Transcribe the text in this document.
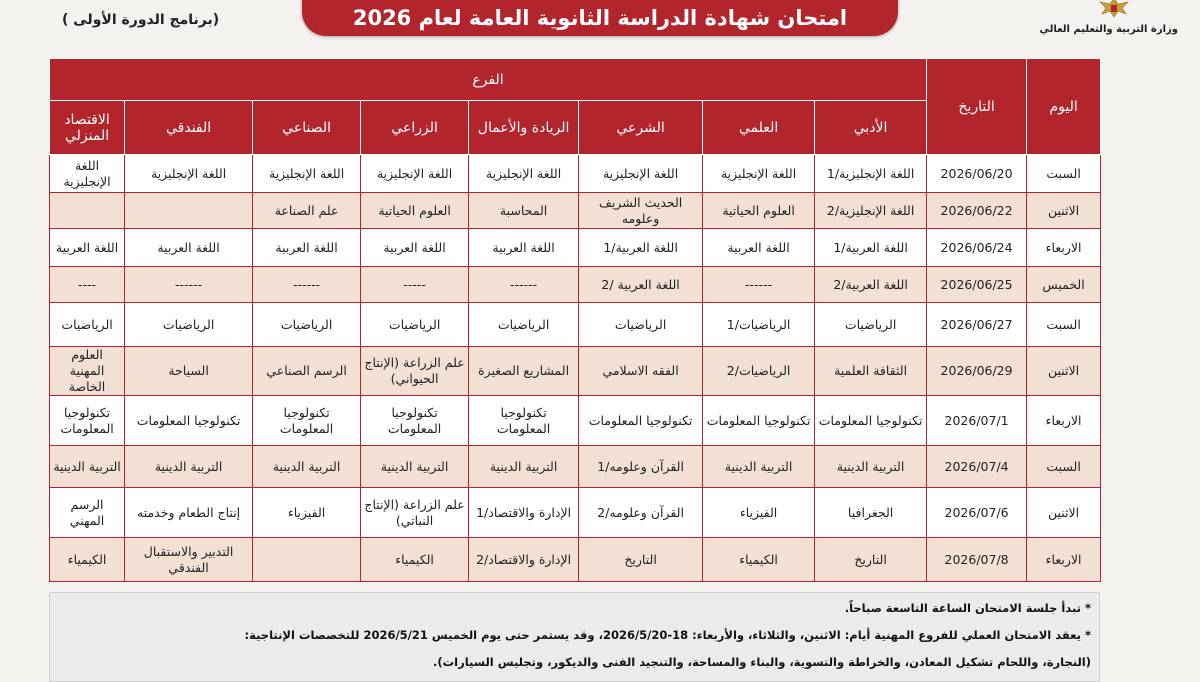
وزارة التربية والتعليم العالي
امتحان شهادة الدراسة الثانوية العامة لعام 2026
(برنامج الدورة الأولى )
اليوم	التاريخ	الفرع							
		الأدبي	العلمي	الشرعي	الريادة والأعمال	الزراعي	الصناعي	الفندقي	الاقتصاد المنزلي
السبت	2026/06/20	اللغة الإنجليزية/1	اللغة الإنجليزية	اللغة الإنجليزية	اللغة الإنجليزية	اللغة الإنجليزية	اللغة الإنجليزية	اللغة الإنجليزية	اللغة الإنجليزية
الاثنين	2026/06/22	اللغة الإنجليزية/2	العلوم الحياتية	الحديث الشريف وعلومه	المحاسبة	العلوم الحياتية	علم الصناعة		
الاربعاء	2026/06/24	اللغة العربية/1	اللغة العربية	اللغة العربية/1	اللغة العربية	اللغة العربية	اللغة العربية	اللغة العربية	اللغة العربية
الخميس	2026/06/25	اللغة العربية/2	------	اللغة العربية /2	------	-----	------	------	----
السبت	2026/06/27	الرياضيات	الرياضيات/1	الرياضيات	الرياضيات	الرياضيات	الرياضيات	الرياضيات	الرياضيات
الاثنين	2026/06/29	الثقافة العلمية	الرياضيات/2	الفقه الاسلامي	المشاريع الصغيرة	علم الزراعة (الإنتاج الحيواني)	الرسم الصناعي	السياحة	العلوم المهنية الخاصة
الاربعاء	2026/07/1	تكنولوجيا المعلومات	تكنولوجيا المعلومات	تكنولوجيا المعلومات	تكنولوجيا المعلومات	تكنولوجيا المعلومات	تكنولوجيا المعلومات	تكنولوجيا المعلومات	تكنولوجيا المعلومات
السبت	2026/07/4	التربية الدينية	التربية الدينية	القرآن وعلومه/1	التربية الدينية	التربية الدينية	التربية الدينية	التربية الدينية	التربية الدينية
الاثنين	2026/07/6	الجغرافيا	الفيزياء	القرآن وعلومه/2	الإدارة والاقتصاد/1	علم الزراعة (الإنتاج النباتي)	الفيزياء	إنتاج الطعام وخدمته	الرسم المهني
الاربعاء	2026/07/8	التاريخ	الكيمياء	التاريخ	الإدارة والاقتصاد/2	الكيمياء		التدبير والاستقبال الفندقي	الكيمياء
* تبدأ جلسة الامتحان الساعة التاسعة صباحاً.
* يعقد الامتحان العملي للفروع المهنية أيام: الاثنين، والثلاثاء، والأربعاء: 18-2026/5/20، وقد يستمر حتى يوم الخميس 2026/5/21 للتخصصات الإنتاجية:
(النجارة، واللحام تشكيل المعادن، والخراطة والتسوية، والبناء والمساحة، والتنجيد الفنى والديكور، وتجليس السيارات).
